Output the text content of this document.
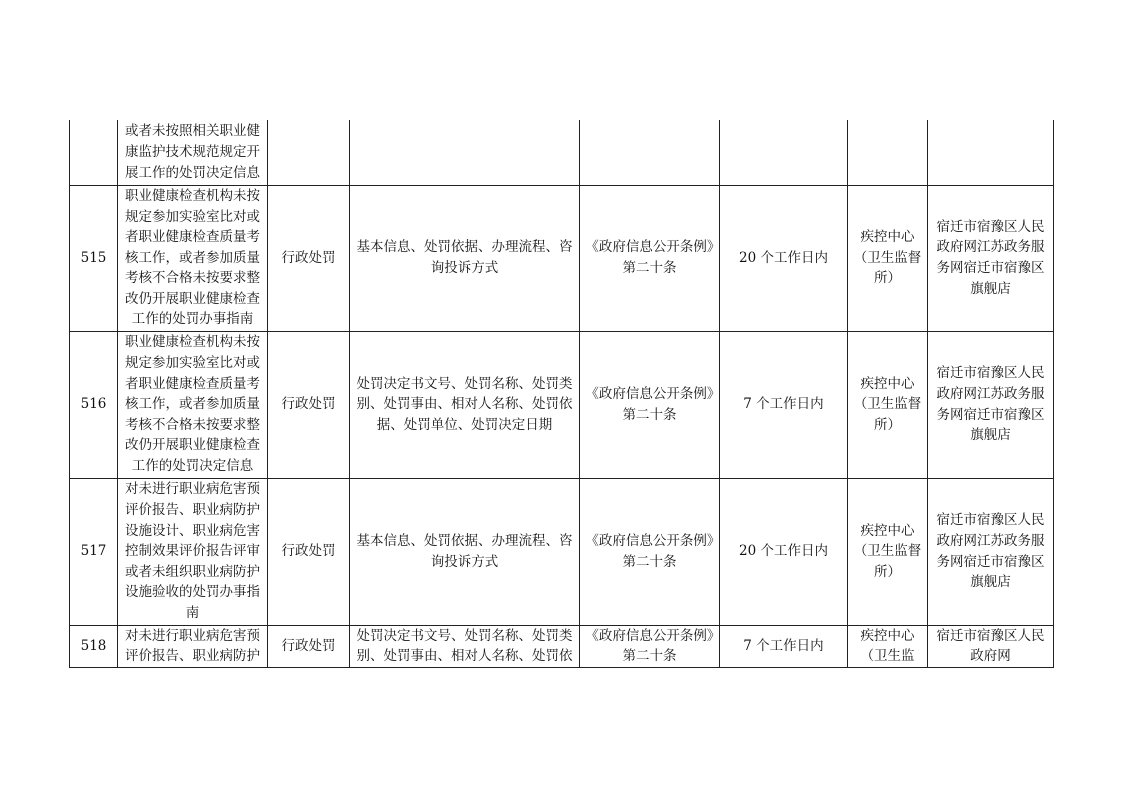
	或者未按照相关职业健康监护技术规范规定开展工作的处罚决定信息						
515	职业健康检查机构未按规定参加实验室比对或者职业健康检查质量考核工作，或者参加质量考核不合格未按要求整改仍开展职业健康检查工作的处罚办事指南	行政处罚	基本信息、处罚依据、办理流程、咨询投诉方式	《政府信息公开条例》第二十条	20 个工作日内	疾控中心（卫生监督所）	宿迁市宿豫区人民政府网江苏政务服务网宿迁市宿豫区旗舰店
516	职业健康检查机构未按规定参加实验室比对或者职业健康检查质量考核工作，或者参加质量考核不合格未按要求整改仍开展职业健康检查工作的处罚决定信息	行政处罚	处罚决定书文号、处罚名称、处罚类别、处罚事由、相对人名称、处罚依据、处罚单位、处罚决定日期	《政府信息公开条例》第二十条	7 个工作日内	疾控中心（卫生监督所）	宿迁市宿豫区人民政府网江苏政务服务网宿迁市宿豫区旗舰店
517	对未进行职业病危害预评价报告、职业病防护设施设计、职业病危害控制效果评价报告评审或者未组织职业病防护设施验收的处罚办事指南	行政处罚	基本信息、处罚依据、办理流程、咨询投诉方式	《政府信息公开条例》第二十条	20 个工作日内	疾控中心（卫生监督所）	宿迁市宿豫区人民政府网江苏政务服务网宿迁市宿豫区旗舰店
518	对未进行职业病危害预评价报告、职业病防护	行政处罚	处罚决定书文号、处罚名称、处罚类别、处罚事由、相对人名称、处罚依	《政府信息公开条例》第二十条	7 个工作日内	疾控中心（卫生监	宿迁市宿豫区人民政府网
